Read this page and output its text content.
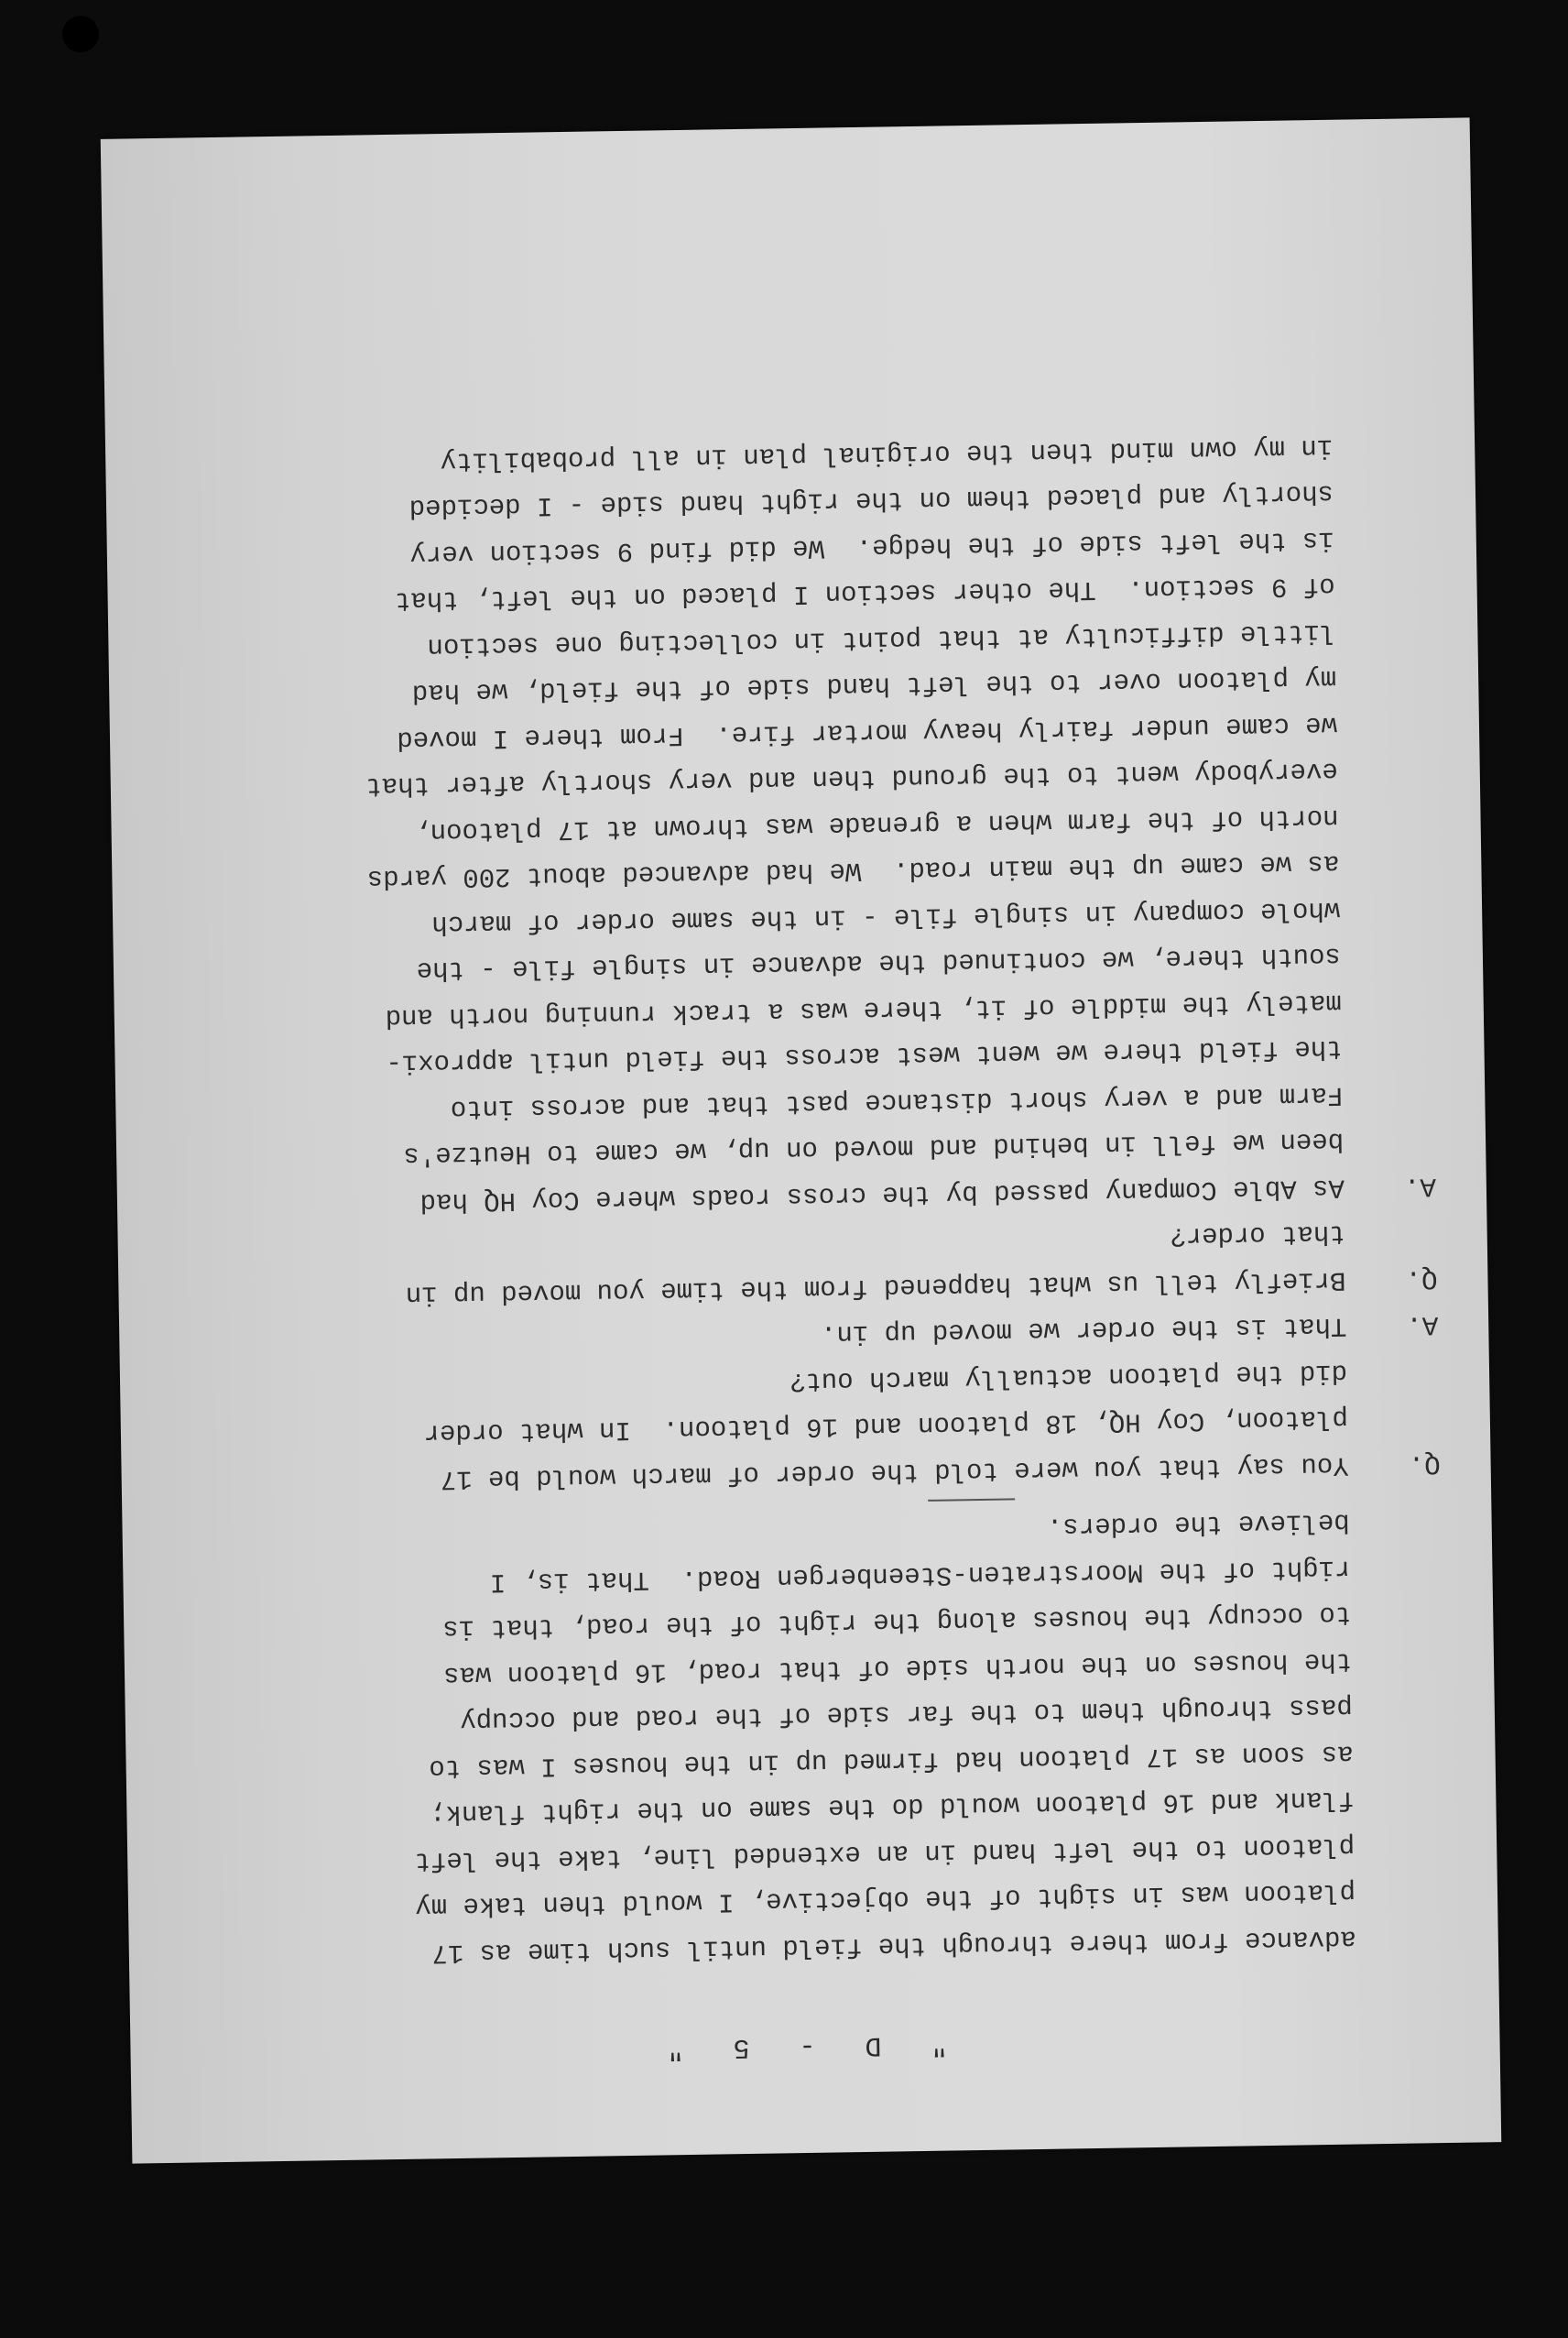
" D - 5 "
advance from there through the field until such time as 17
platoon was in sight of the objective, I would then take my
platoon to the left hand in an extended line, take the left
flank and 16 platoon would do the same on the right flank;
as soon as 17 platoon had firmed up in the houses I was to
pass through them to the far side of the road and occupy
the houses on the north side of that road, 16 platoon was
to occupy the houses along the right of the road, that is
right of the Moorstraten-Steenbergen Road.  That is, I
believe the orders.
Q.
You say that you were told the order of march would be 17
platoon, Coy HQ, 18 platoon and 16 platoon.  In what order
did the platoon actually march out?
A.
That is the order we moved up in.
Q.
Briefly tell us what happened from the time you moved up in
that order?
A.
As Able Company passed by the cross roads where Coy HQ had
been we fell in behind and moved on up, we came to Heutze's
Farm and a very short distance past that and across into
the field there we went west across the field until approxi-
mately the middle of it, there was a track running north and
south there, we continued the advance in single file - the
whole company in single file - in the same order of march
as we came up the main road.  We had advanced about 200 yards
north of the farm when a grenade was thrown at 17 platoon,
everybody went to the ground then and very shortly after that
we came under fairly heavy mortar fire.  From there I moved
my platoon over to the left hand side of the field, we had
little difficulty at that point in collecting one section
of 9 section.  The other section I placed on the left, that
is the left side of the hedge.  We did find 9 section very
shortly and placed them on the right hand side - I decided
in my own mind then the original plan in all probability
